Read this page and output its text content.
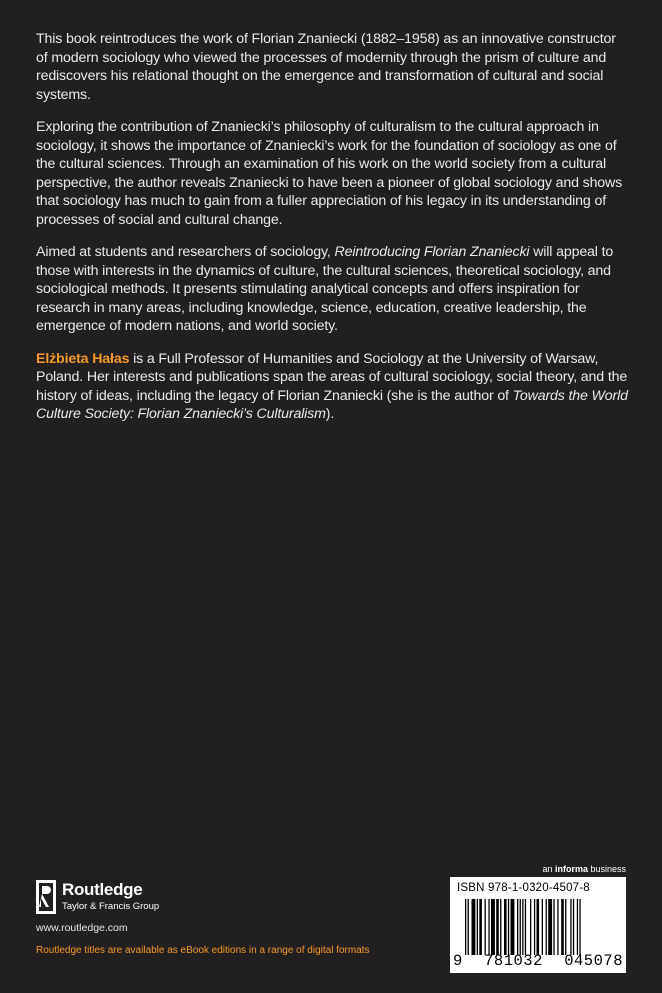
This book reintroduces the work of Florian Znaniecki (1882–1958) as an innovative constructor of modern sociology who viewed the processes of modernity through the prism of culture and rediscovers his relational thought on the emergence and transformation of cultural and social systems.

Exploring the contribution of Znaniecki’s philosophy of culturalism to the cultural approach in sociology, it shows the importance of Znaniecki’s work for the foundation of sociology as one of the cultural sciences. Through an examination of his work on the world society from a cultural perspective, the author reveals Znaniecki to have been a pioneer of global sociology and shows that sociology has much to gain from a fuller appreciation of his legacy in its understanding of processes of social and cultural change.

Aimed at students and researchers of sociology, Reintroducing Florian Znaniecki will appeal to those with interests in the dynamics of culture, the cultural sciences, theoretical sociology, and sociological methods. It presents stimulating analytical concepts and offers inspiration for research in many areas, including knowledge, science, education, creative leadership, the emergence of modern nations, and world society.

Elżbieta Hałas is a Full Professor of Humanities and Sociology at the University of Warsaw, Poland. Her interests and publications span the areas of cultural sociology, social theory, and the history of ideas, including the legacy of Florian Znaniecki (she is the author of Towards the World Culture Society: Florian Znaniecki’s Culturalism).

Routledge
Taylor & Francis Group
www.routledge.com
Routledge titles are available as eBook editions in a range of digital formats
an informa business
ISBN 978-1-0320-4507-8
9 781032 045078
